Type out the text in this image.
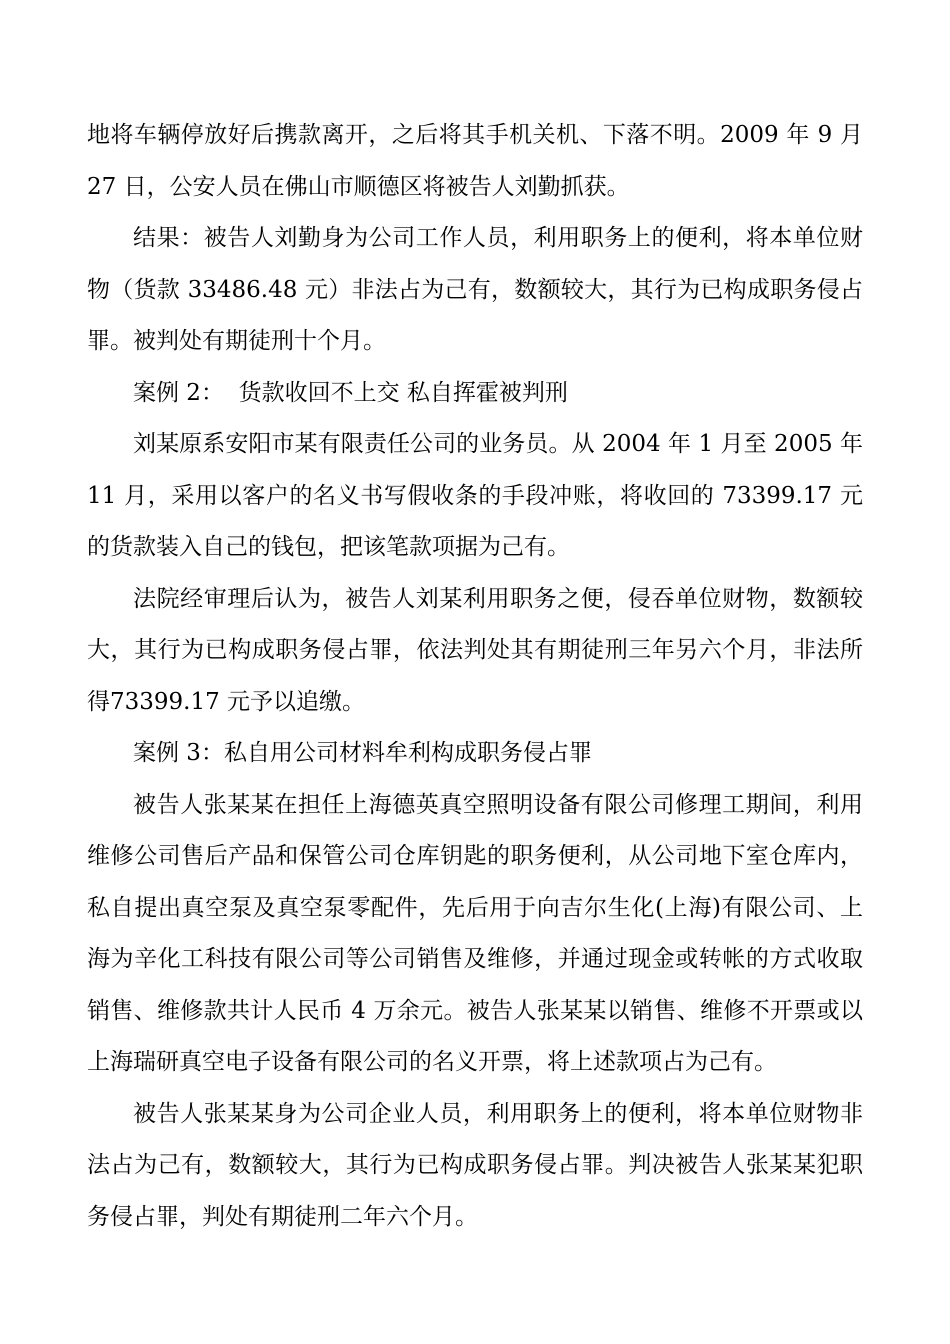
地将车辆停放好后携款离开，之后将其手机关机、下落不明。2009 年 9 月 27 日，公安人员在佛山市顺德区将被告人刘勤抓获。

结果：被告人刘勤身为公司工作人员，利用职务上的便利，将本单位财物（货款 33486.48 元）非法占为己有，数额较大，其行为已构成职务侵占罪。被判处有期徒刑十个月。

案例 2：  货款收回不上交 私自挥霍被判刑

刘某原系安阳市某有限责任公司的业务员。从 2004 年 1 月至 2005 年 11 月，采用以客户的名义书写假收条的手段冲账，将收回的 73399.17 元的货款装入自己的钱包，把该笔款项据为己有。

法院经审理后认为，被告人刘某利用职务之便，侵吞单位财物，数额较大，其行为已构成职务侵占罪，依法判处其有期徒刑三年另六个月，非法所得73399.17 元予以追缴。

案例 3：私自用公司材料牟利构成职务侵占罪

被告人张某某在担任上海德英真空照明设备有限公司修理工期间，利用维修公司售后产品和保管公司仓库钥匙的职务便利，从公司地下室仓库内，私自提出真空泵及真空泵零配件，先后用于向吉尔生化(上海)有限公司、上海为辛化工科技有限公司等公司销售及维修，并通过现金或转帐的方式收取销售、维修款共计人民币 4 万余元。被告人张某某以销售、维修不开票或以上海瑞研真空电子设备有限公司的名义开票，将上述款项占为己有。

被告人张某某身为公司企业人员，利用职务上的便利，将本单位财物非法占为己有，数额较大，其行为已构成职务侵占罪。判决被告人张某某犯职务侵占罪，判处有期徒刑二年六个月。
